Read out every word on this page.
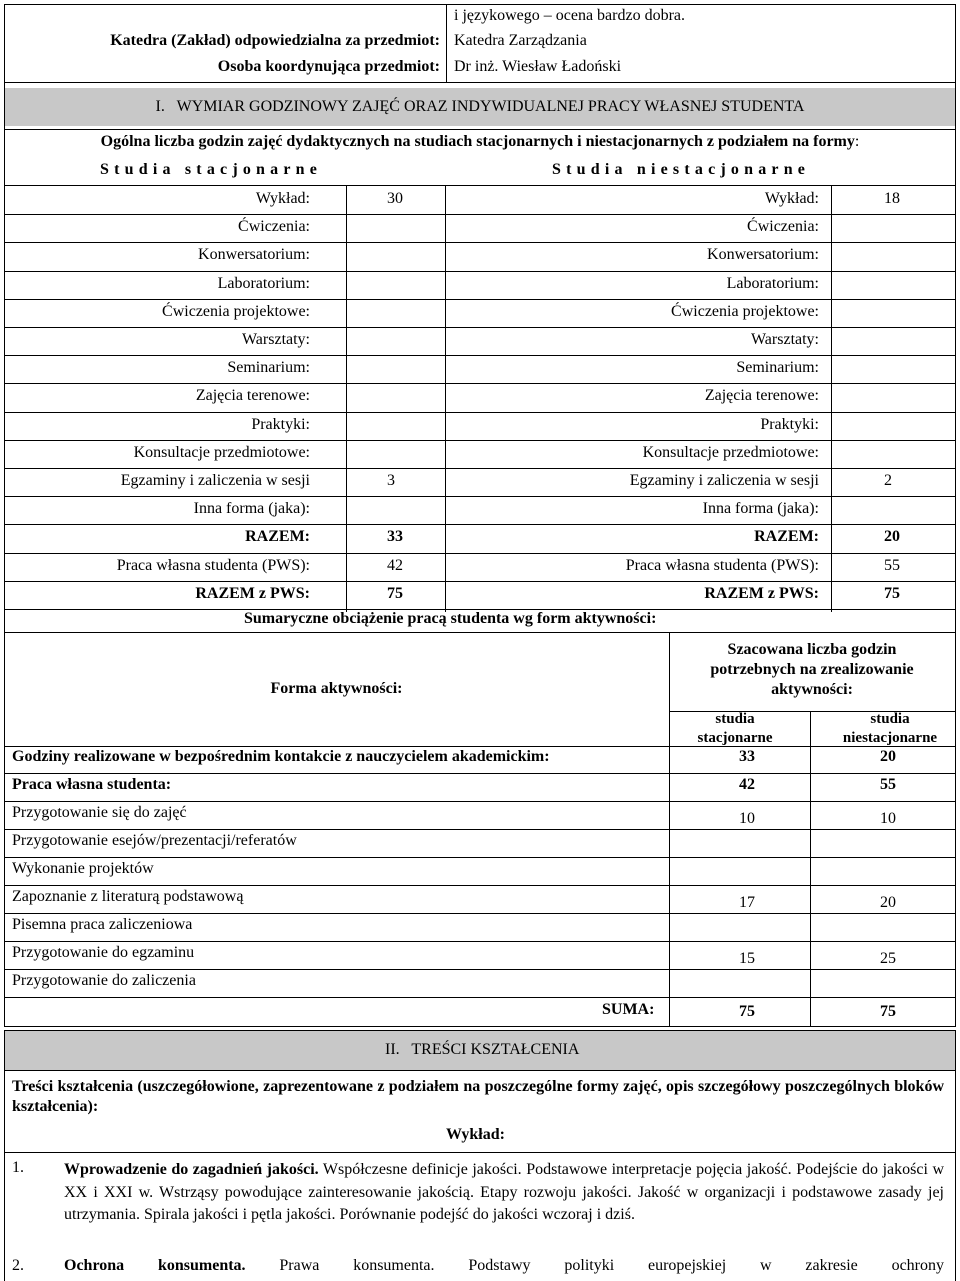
i językowego – ocena bardzo dobra.
Katedra (Zakład) odpowiedzialna za przedmiot: Katedra Zarządzania
Osoba koordynująca przedmiot: Dr inż. Wiesław Ładoński
I.   WYMIAR GODZINOWY ZAJĘĆ ORAZ INDYWIDUALNEJ PRACY WŁASNEJ STUDENTA
Ogólna liczba godzin zajęć dydaktycznych na studiach stacjonarnych i niestacjonarnych z podziałem na formy:
Studia stacjonarne	Studia niestacjonarne
Wykład:	30	Wykład:	18
Ćwiczenia:	Ćwiczenia:
Konwersatorium:	Konwersatorium:
Laboratorium:	Laboratorium:
Ćwiczenia projektowe:	Ćwiczenia projektowe:
Warsztaty:	Warsztaty:
Seminarium:	Seminarium:
Zajęcia terenowe:	Zajęcia terenowe:
Praktyki:	Praktyki:
Konsultacje przedmiotowe:	Konsultacje przedmiotowe:
Egzaminy i zaliczenia w sesji	3	Egzaminy i zaliczenia w sesji	2
Inna forma (jaka):	Inna forma (jaka):
RAZEM:	33	RAZEM:	20
Praca własna studenta (PWS):	42	Praca własna studenta (PWS):	55
RAZEM z PWS:	75	RAZEM z PWS:	75
Sumaryczne obciążenie pracą studenta wg form aktywności:
Forma aktywności:
Szacowana liczba godzin potrzebnych na zrealizowanie aktywności:
studia stacjonarne
studia niestacjonarne
Godziny realizowane w bezpośrednim kontakcie z nauczycielem akademickim:	33	20
Praca własna studenta:	42	55
Przygotowanie się do zajęć	10	10
Przygotowanie esejów/prezentacji/referatów
Wykonanie projektów
Zapoznanie z literaturą podstawową	17	20
Pisemna praca zaliczeniowa
Przygotowanie do egzaminu	15	25
Przygotowanie do zaliczenia
SUMA:	75	75
II.   TREŚCI KSZTAŁCENIA
Treści kształcenia (uszczegółowione, zaprezentowane z podziałem na poszczególne formy zajęć, opis szczegółowy poszczególnych bloków kształcenia):
Wykład:
1.	Wprowadzenie do zagadnień jakości. Współczesne definicje jakości. Podstawowe interpretacje pojęcia jakość. Podejście do jakości w XX i XXI w. Wstrząsy powodujące zainteresowanie jakością. Etapy rozwoju jakości. Jakość w organizacji i podstawowe zasady jej utrzymania. Spirala jakości i pętla jakości. Porównanie podejść do jakości wczoraj i dziś.
2.	Ochrona konsumenta. Prawa konsumenta. Podstawy polityki europejskiej w zakresie ochrony
